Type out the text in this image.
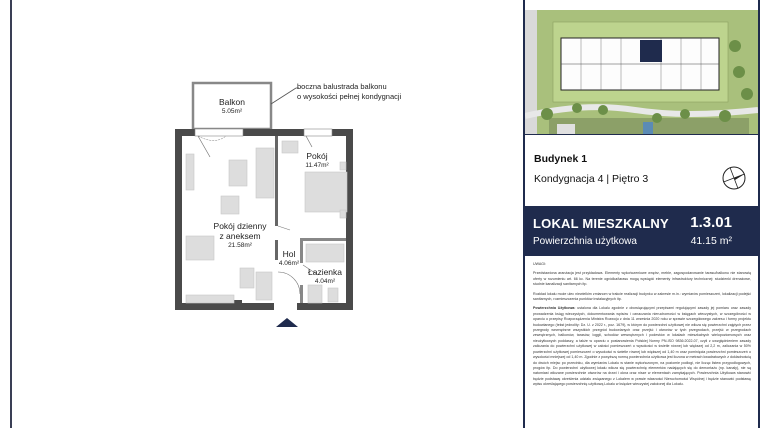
boczna balustrada balkonu
o wysokości pełnej kondygnacji
Balkon
5.05m²
Pokój
11.47m²
Pokój dzienny
z aneksem
21.58m²
Hol
4.06m²
Łazienka
4.04m²
Budynek 1
Kondygnacja 4 | Piętro 3
LOKAL MIESZKALNY 1.3.01
Powierzchnia użytkowa	41.15 m²

UWAGI:

Przedstawiona aranżacja jest przykładowa. Elementy wykończeniowe wnętrz, meble, zagospodarowanie tarasu/balkonu nie stanowią oferty w rozumieniu art. 66 kc. Na terenie ogródka/tarasu mogą wystąpić elementy infrastruktury technicznej: studzienki drenażowe, studnie kanalizacji sanitarnych itp.

Rozkład lokalu może ulec niewielkim zmianom w trakcie realizacji budynku w zakresie m.in.: wymiarów pomieszczeń, lokalizacji podejść sanitarnych, rozmieszczenia punktów instalacyjnych itp.

Powierzchnia Użytkowa: ustalona dla Lokalu zgodnie z obowiązującymi przepisami regulującymi zasady jej pomiaru oraz zasady prowadzenia ksiąg wieczystych, dokumentowania wpisów i oznaczania nieruchomości w księgach wieczystych, w szczególności w oparciu o przepisy Rozporządzenia Ministra Rozwoju z dnia 11 września 2020 roku w sprawie szczegółowego zakresu i formy projektu budowlanego (tekst jednolity: Dz. U. z 2022 r., poz. 1679), w którym do powierzchni użytkowej nie wlicza się powierzchni zajętych przez przegrody wewnętrzne wszystkich przegród budowlanych oraz przejść i otworów w tych przegrodach, przejść w przegrodach zewnętrznych, balkonów, tarasów, loggii, schodów wewnętrznych i podestów w lokalach mieszkalnych wielopoziomowych oraz nieużytkowych poddaszy, a także w oparciu o postanowienia Polskiej Normy PN-ISO 9836:2022-07, czyli z uwzględnieniem zasady zaliczania do powierzchni użytkowej w całości pomieszczeń o wysokości w świetle równej lub większej od 2,2 m, zaliczania w 50% powierzchni użytkowej pomieszczeń o wysokości w świetle równej lub większej od 1,40 m oraz pominięcia powierzchni pomieszczeń o wysokości mniejszej od 1,40 m. Zgodnie z powyższą normą powierzchnia użytkowa jest liczona w metrach kwadratowych z dokładnością do dwóch miejsc po przecinku, dla wymiarów Lokalu w stanie wykończonym, na poziomie podłogi, nie licząc listew przypodłogowych, progów itp. Do powierzchni użytkowej lokalu wlicza się powierzchnię elementów nadających się do demontażu (np. kanały), nie są natomiast wliczane powierzchnie otworów na drzwi i okna oraz nisze w elementach zamykających. Powierzchnia Użytkowa stanowić będzie podstawę określenia udziału związanego z Lokalem w prawie własności Nieruchomości Wspólnej i będzie stanowić podstawę wpisu określającego powierzchnię użytkową Lokalu w księdze wieczystej założonej dla Lokalu.
